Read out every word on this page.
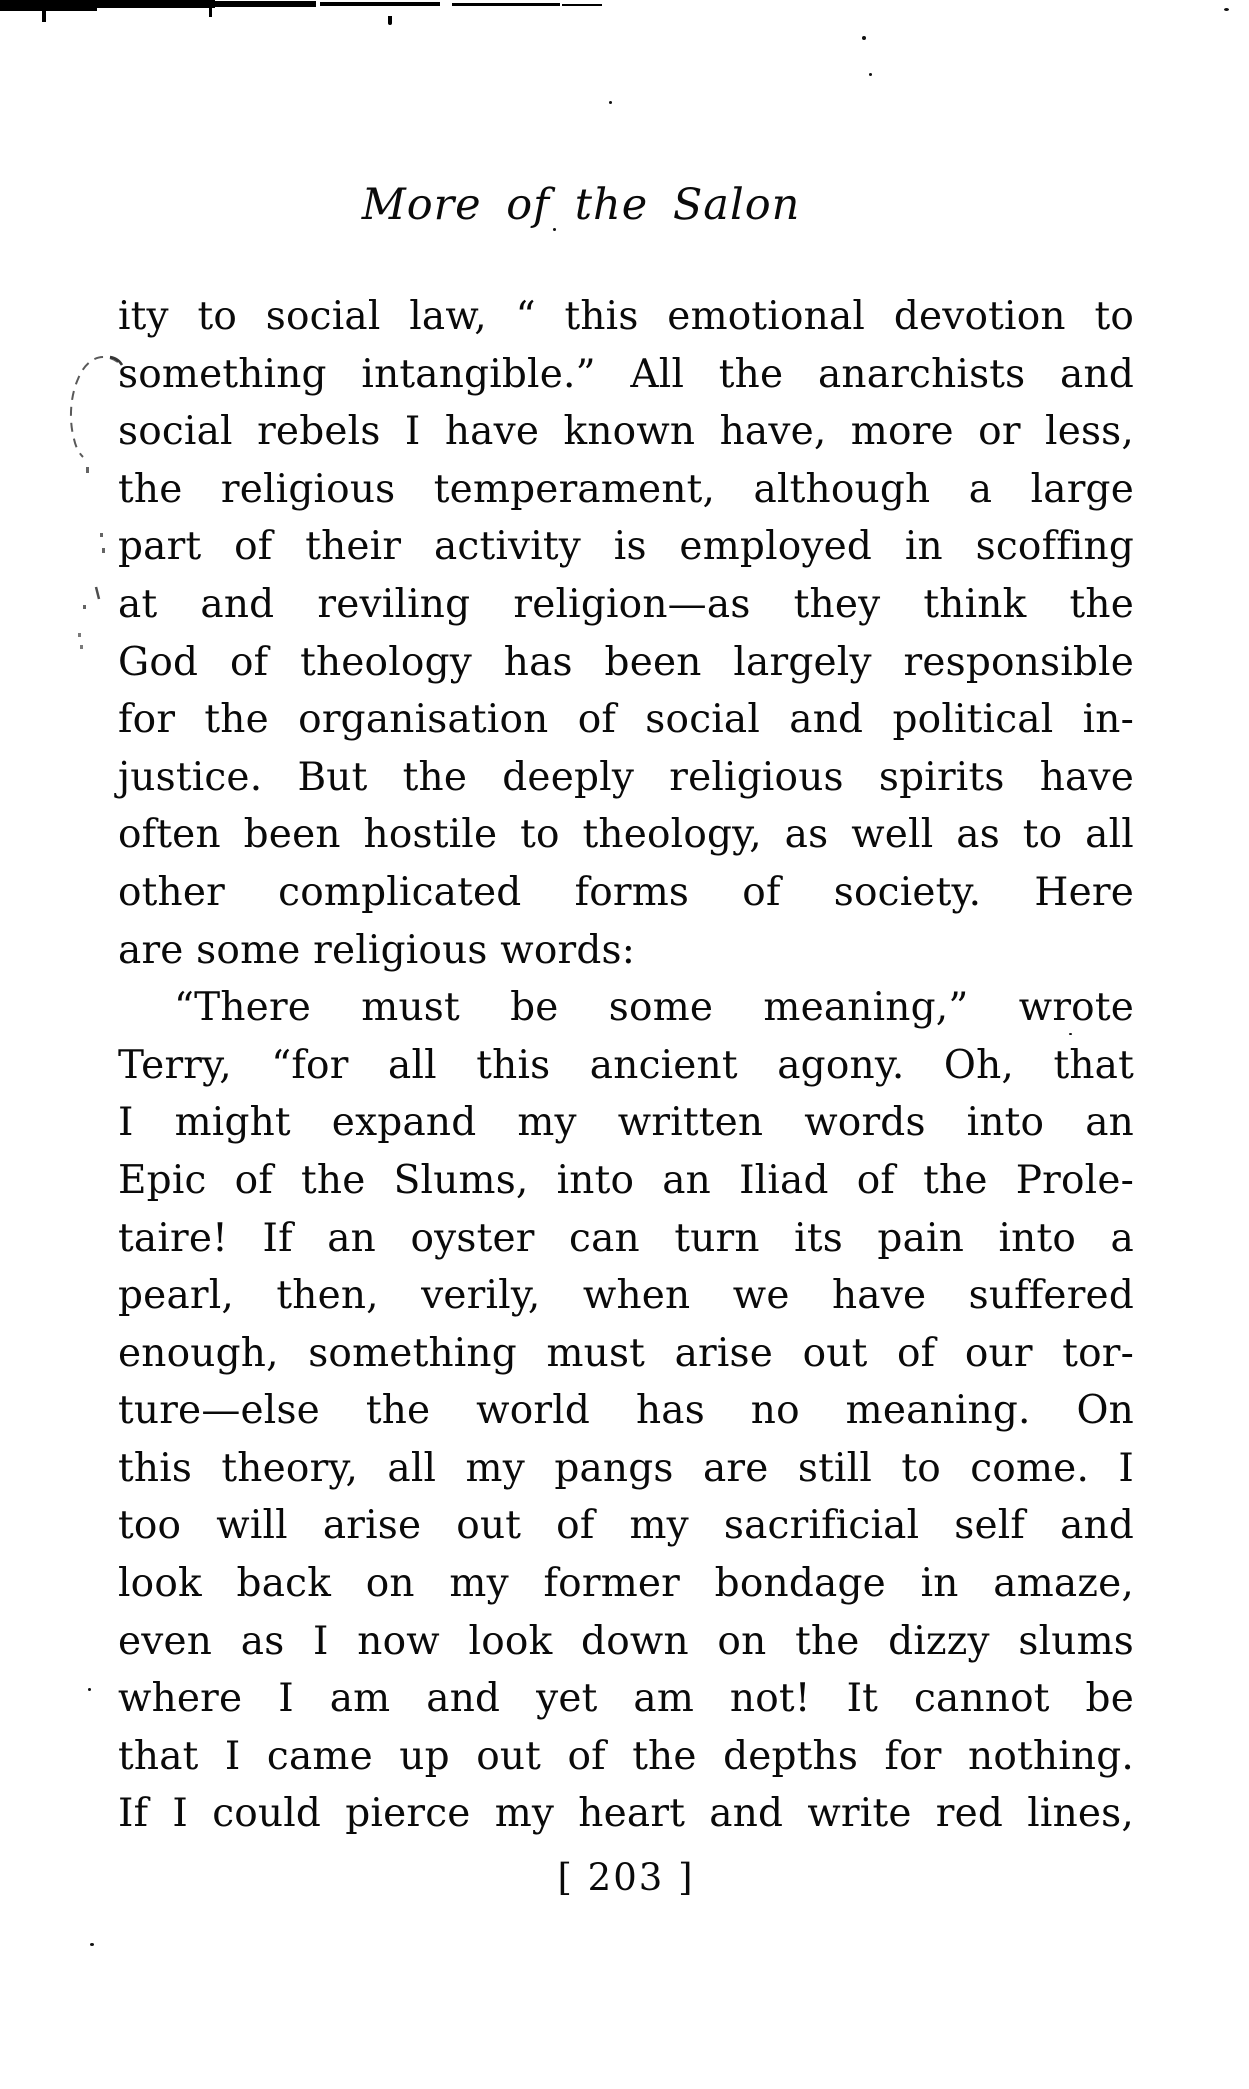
More of the Salon
ity to social law, “ this emotional devotion to
something intangible.” All the anarchists and
social rebels I have known have, more or less,
the religious temperament, although a large
part of their activity is employed in scoffing
at and reviling religion—as they think the
God of theology has been largely responsible
for the organisation of social and political in-
justice. But the deeply religious spirits have
often been hostile to theology, as well as to all
other complicated forms of society. Here
are some religious words:
“There must be some meaning,” wrote
Terry, “for all this ancient agony. Oh, that
I might expand my written words into an
Epic of the Slums, into an Iliad of the Prole-
taire! If an oyster can turn its pain into a
pearl, then, verily, when we have suffered
enough, something must arise out of our tor-
ture—else the world has no meaning. On
this theory, all my pangs are still to come. I
too will arise out of my sacrificial self and
look back on my former bondage in amaze,
even as I now look down on the dizzy slums
where I am and yet am not! It cannot be
that I came up out of the depths for nothing.
If I could pierce my heart and write red lines,
[ 203 ]
